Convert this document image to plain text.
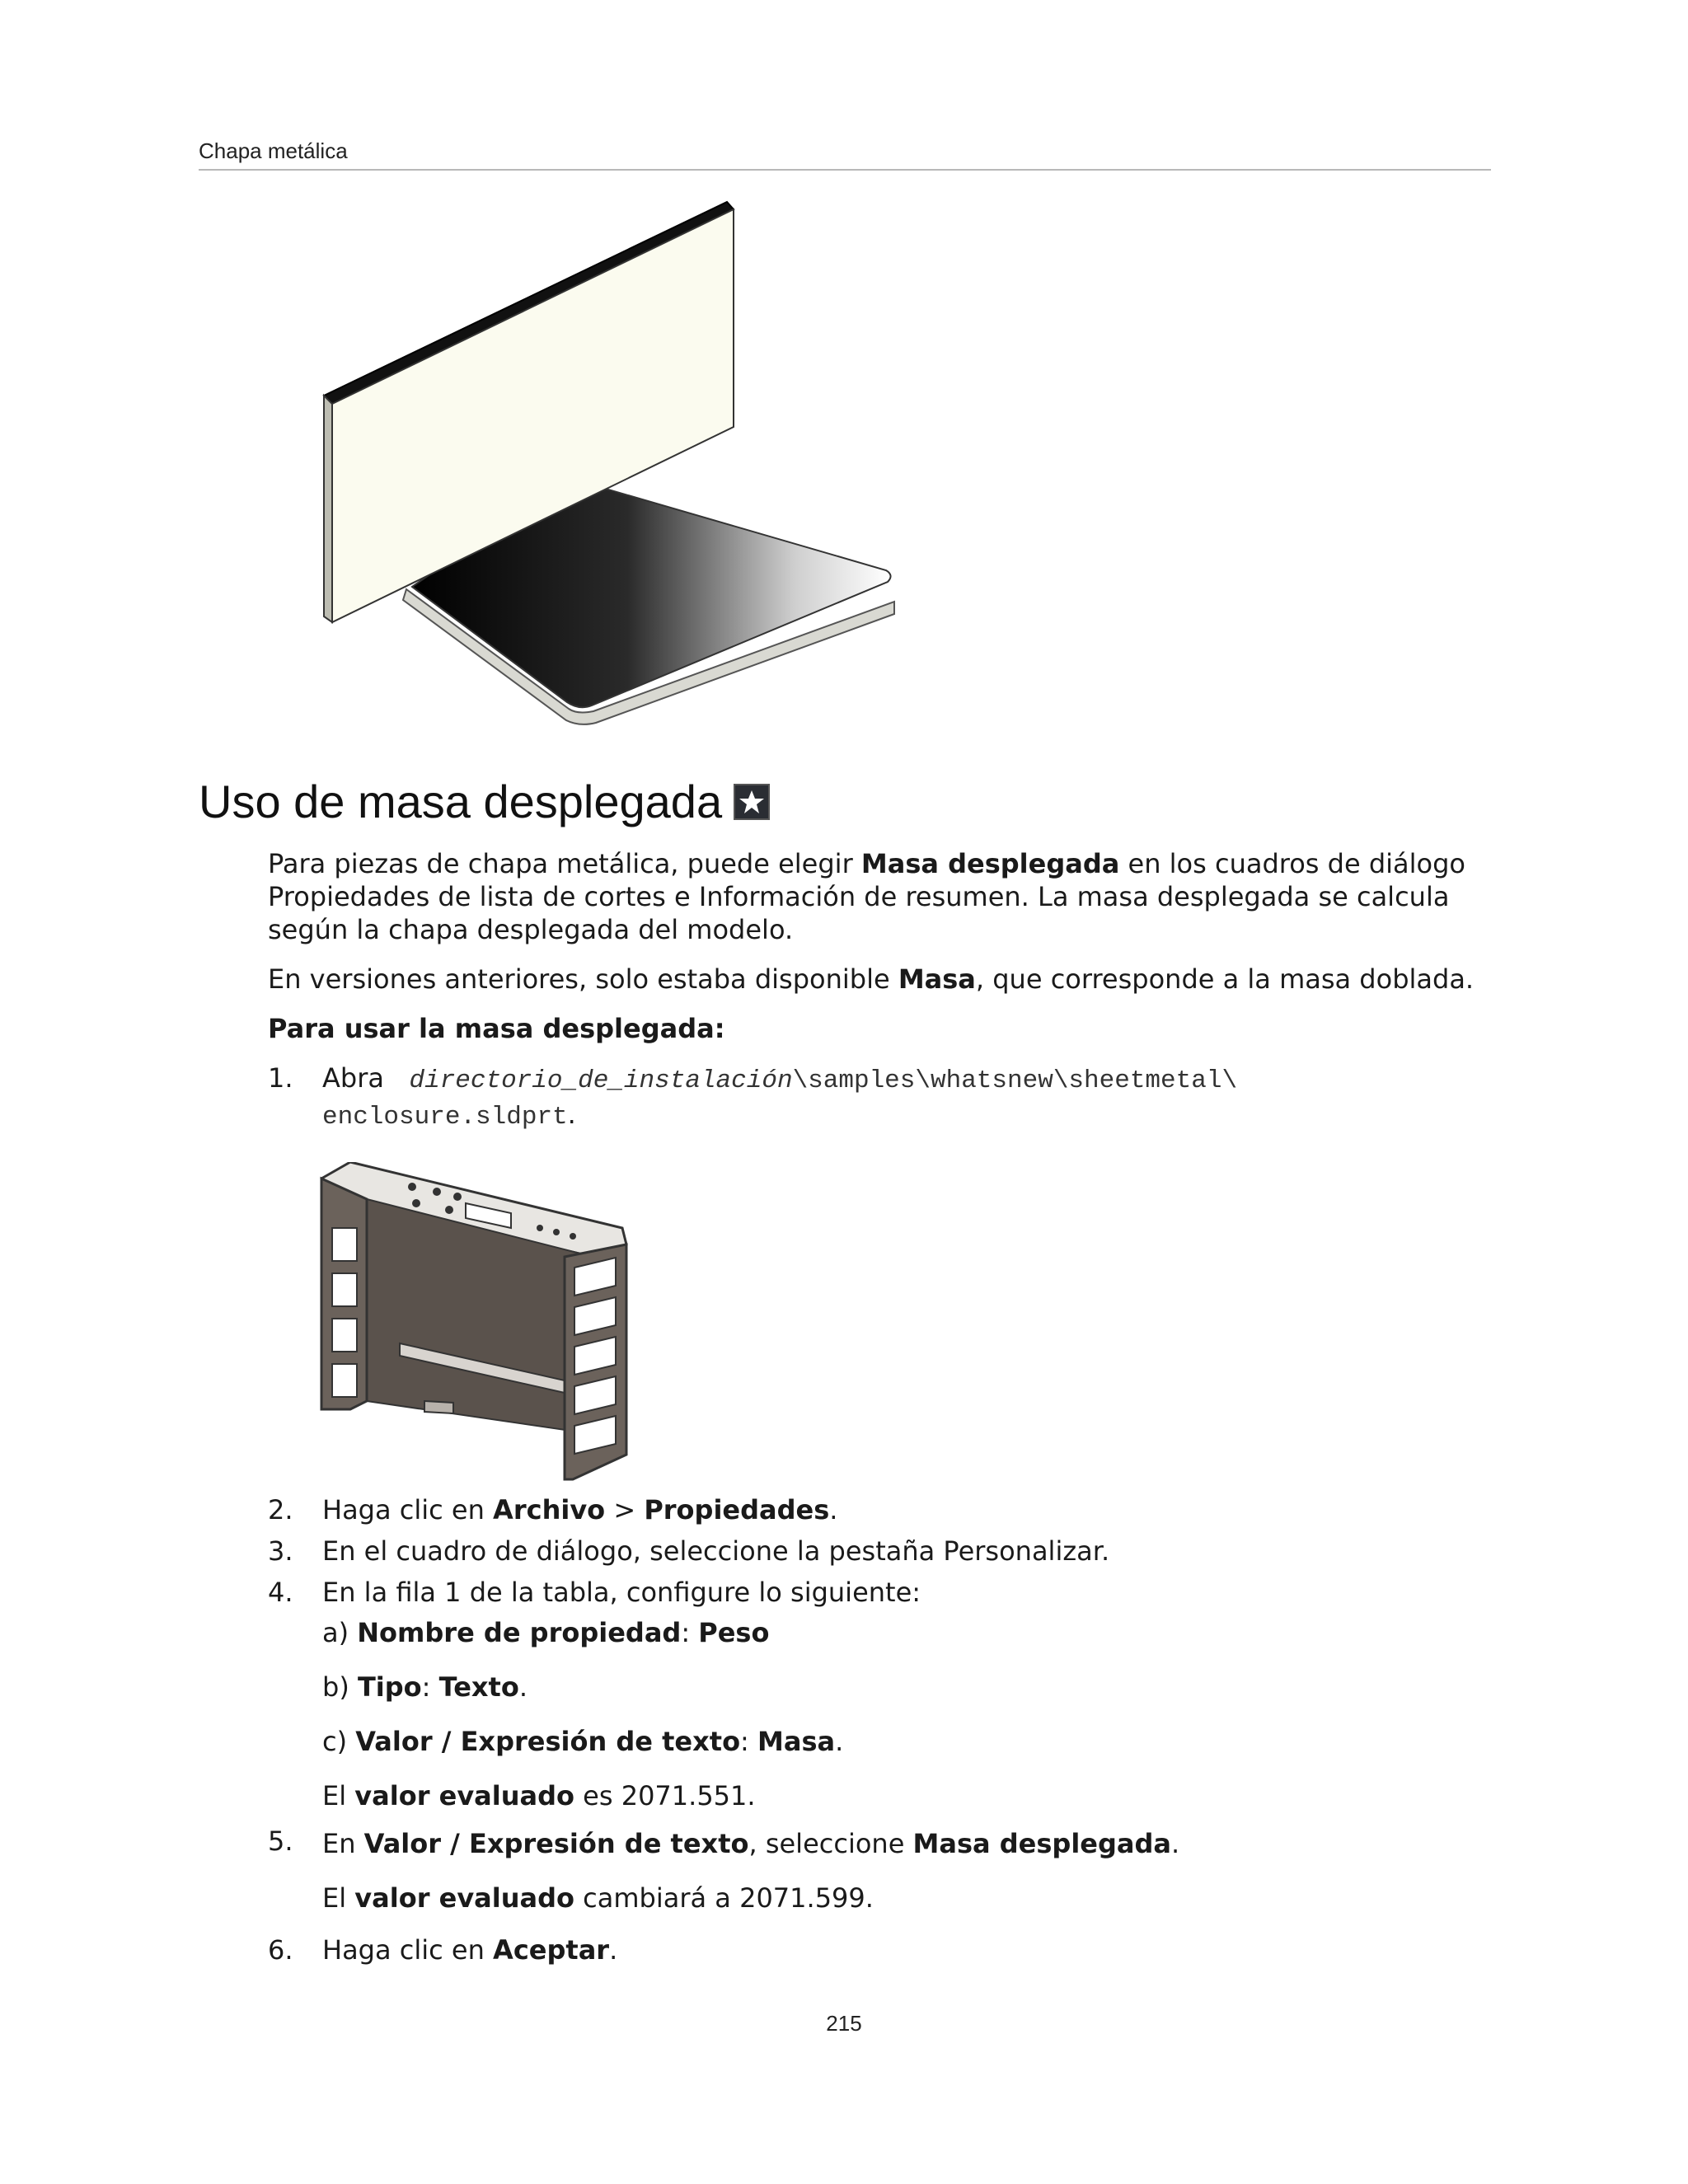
Chapa metálica
Uso de masa desplegada

Para piezas de chapa metálica, puede elegir Masa desplegada en los cuadros de diálogo Propiedades de lista de cortes e Información de resumen. La masa desplegada se calcula según la chapa desplegada del modelo.

En versiones anteriores, solo estaba disponible Masa, que corresponde a la masa doblada.

Para usar la masa desplegada:

1. Abra directorio_de_instalación\samples\whatsnew\sheetmetal\
enclosure.sldprt.
2. Haga clic en Archivo > Propiedades.
3. En el cuadro de diálogo, seleccione la pestaña Personalizar.
4. En la fila 1 de la tabla, configure lo siguiente:

a) Nombre de propiedad: Peso

b) Tipo: Texto.

c) Valor / Expresión de texto: Masa.

El valor evaluado es 2071.551.

5. En Valor / Expresión de texto, seleccione Masa desplegada.

El valor evaluado cambiará a 2071.599.

6. Haga clic en Aceptar.
215
